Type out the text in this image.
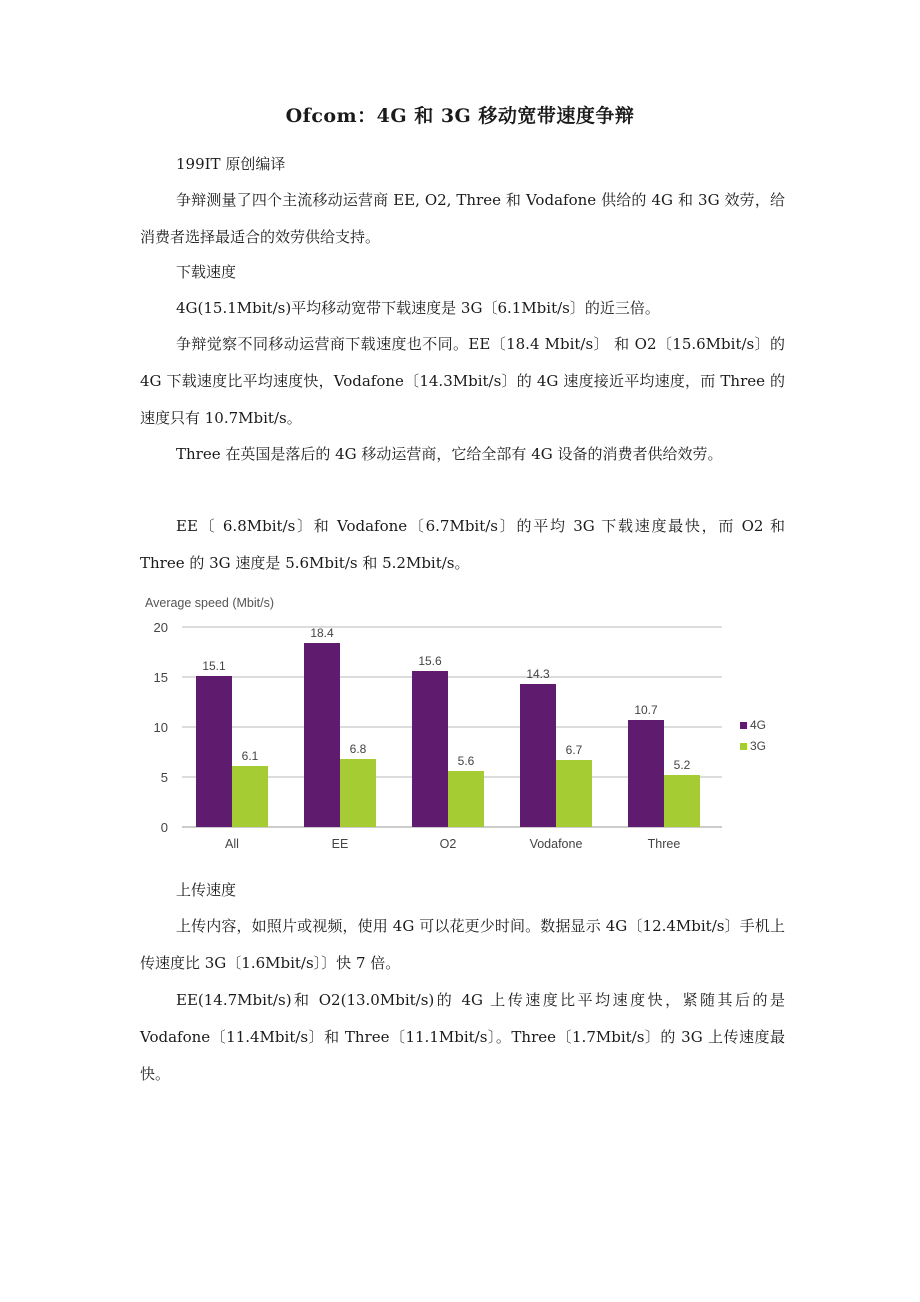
Ofcom：4G 和 3G 移动宽带速度争辩

199IT 原创编译

争辩测量了四个主流移动运营商 EE, O2, Three 和 Vodafone 供给的 4G 和 3G 效劳，给消费者选择最适合的效劳供给支持。

下载速度

4G(15.1Mbit/s)平均移动宽带下载速度是 3G〔6.1Mbit/s〕的近三倍。

争辩觉察不同移动运营商下载速度也不同。EE〔18.4 Mbit/s〕 和 O2〔15.6Mbit/s〕的 4G 下载速度比平均速度快，Vodafone〔14.3Mbit/s〕的 4G 速度接近平均速度，而 Three 的速度只有 10.7Mbit/s。

Three 在英国是落后的 4G 移动运营商，它给全部有 4G 设备的消费者供给效劳。

EE〔 6.8Mbit/s〕和 Vodafone〔6.7Mbit/s〕的平均 3G 下载速度最快，而 O2 和 Three 的 3G 速度是 5.6Mbit/s 和 5.2Mbit/s。

Average speed (Mbit/s)
0
5
10
15
20
15.1
6.1
All
18.4
6.8
EE
15.6
5.6
O2
14.3
6.7
Vodafone
10.7
5.2
Three
4G
3G

上传速度

上传内容，如照片或视频，使用 4G 可以花更少时间。数据显示 4G〔12.4Mbit/s〕手机上传速度比 3G〔1.6Mbit/s〕〕快 7 倍。

EE(14.7Mbit/s)和 O2(13.0Mbit/s)的 4G 上传速度比平均速度快，紧随其后的是 Vodafone〔11.4Mbit/s〕和 Three〔11.1Mbit/s〕。Three〔1.7Mbit/s〕的 3G 上传速度最快。
